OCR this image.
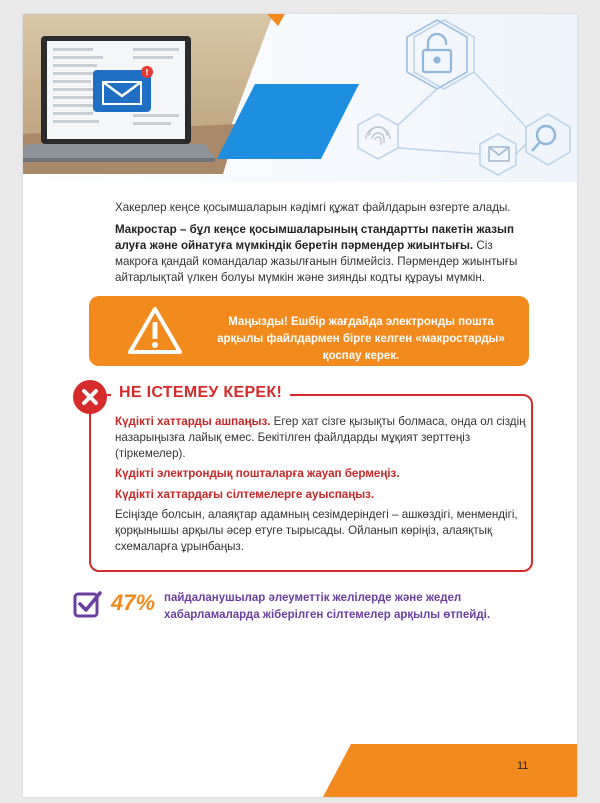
!
Хакерлер кеңсе қосымшаларын кәдімгі құжат файлдарын өзгерте алады.
Макростар – бұл кеңсе қосымшаларының стандартты пакетін жазып алуға және ойнатуға мүмкіндік беретін пәрмендер жиынтығы. Сіз макроға қандай командалар жазылғанын білмейсіз. Пәрмендер жиынтығы айтарлықтай үлкен болуы мүмкін және зиянды кодты құрауы мүмкін.
Маңызды! Ешбір жағдайда электронды пошта арқылы файлдармен бірге келген «макростарды» қоспау керек.
НЕ ІСТЕМЕУ КЕРЕК!
Күдікті хаттарды ашпаңыз. Егер хат сізге қызықты болмаса, онда ол сіздің назарыңызға лайық емес. Бекітілген файлдарды мұқият зерттеңіз (тіркемелер).
Күдікті электрондық пошталарға жауап бермеңіз.
Күдікті хаттардағы сілтемелерге ауыспаңыз.
Есіңізде болсын, алаяқтар адамның сезімдеріндегі – ашкөздігі, менмендігі, қорқынышы арқылы әсер етуге тырысады. Ойланып көріңіз, алаяқтық схемаларға ұрынбаңыз.
47% пайдаланушылар әлеуметтік желілерде және жедел хабарламаларда жіберілген сілтемелер арқылы өтпейді.
11
